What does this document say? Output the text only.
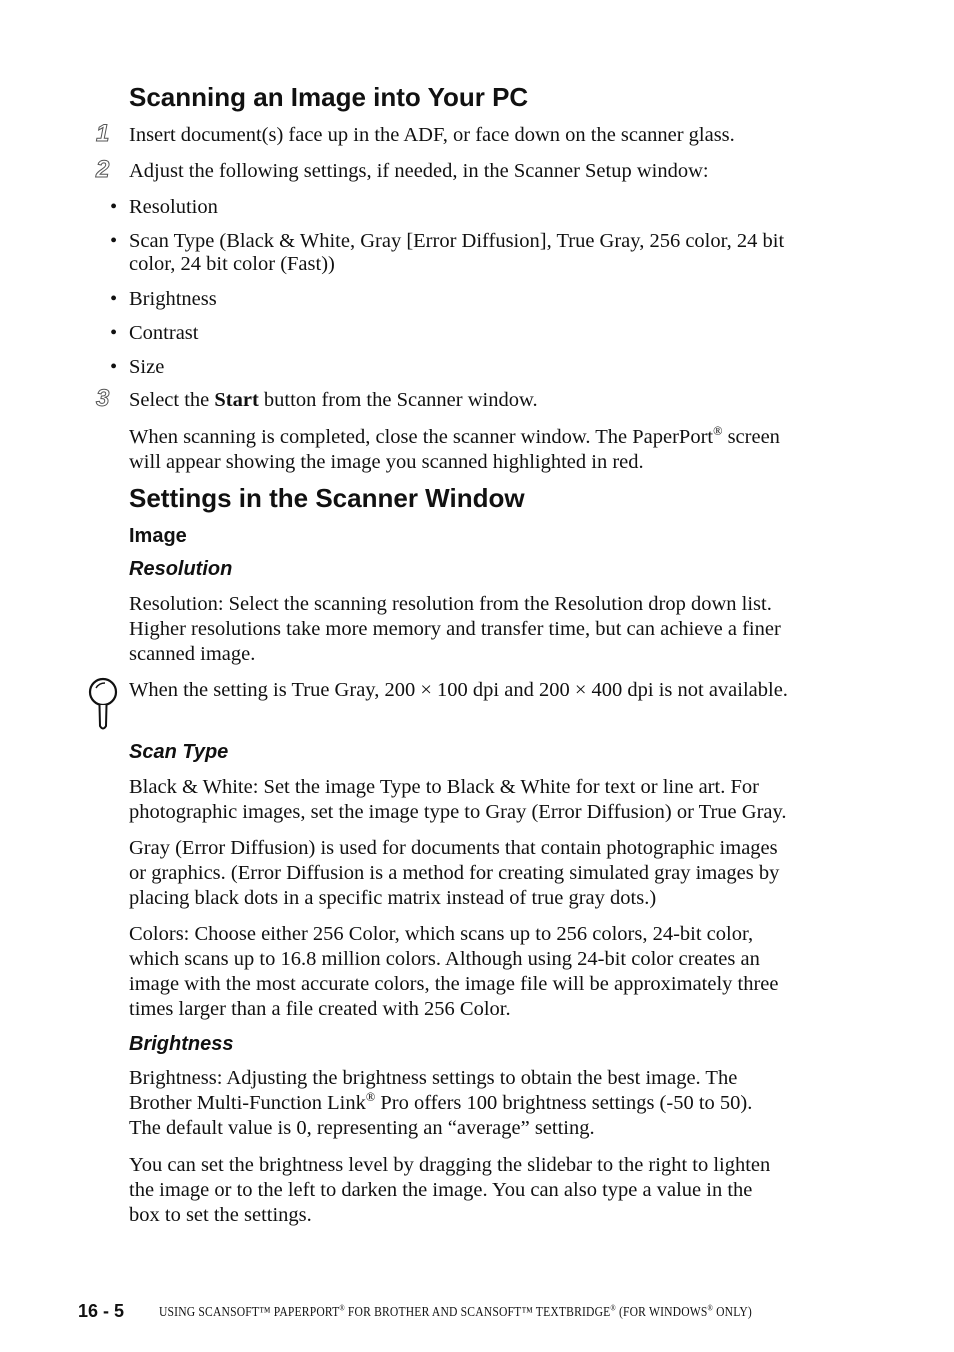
Scanning an Image into Your PC
1 Insert document(s) face up in the ADF, or face down on the scanner glass.

2 Adjust the following settings, if needed, in the Scanner Setup window:

• Resolution

• Scan Type (Black & White, Gray [Error Diffusion], True Gray, 256 color, 24 bit

color, 24 bit color (Fast))

• Brightness

• Contrast

• Size

3 Select the Start button from the Scanner window.

When scanning is completed, close the scanner window. The PaperPort® screen

will appear showing the image you scanned highlighted in red.

Settings in the Scanner Window
Image
Resolution

Resolution: Select the scanning resolution from the Resolution drop down list.

Higher resolutions take more memory and transfer time, but can achieve a finer

scanned image.

When the setting is True Gray, 200 × 100 dpi and 200 × 400 dpi is not available.

Scan Type

Black & White: Set the image Type to Black & White for text or line art. For

photographic images, set the image type to Gray (Error Diffusion) or True Gray.

Gray (Error Diffusion) is used for documents that contain photographic images

or graphics. (Error Diffusion is a method for creating simulated gray images by

placing black dots in a specific matrix instead of true gray dots.)

Colors: Choose either 256 Color, which scans up to 256 colors, 24-bit color,

which scans up to 16.8 million colors. Although using 24-bit color creates an

image with the most accurate colors, the image file will be approximately three

times larger than a file created with 256 Color.

Brightness

Brightness: Adjusting the brightness settings to obtain the best image. The

Brother Multi-Function Link® Pro offers 100 brightness settings (-50 to 50).

The default value is 0, representing an “average” setting.

You can set the brightness level by dragging the slidebar to the right to lighten

the image or to the left to darken the image. You can also type a value in the

box to set the settings.

16 - 5	USING SCANSOFT™ PAPERPORT® FOR BROTHER AND SCANSOFT™ TEXTBRIDGE® (FOR WINDOWS® ONLY)
